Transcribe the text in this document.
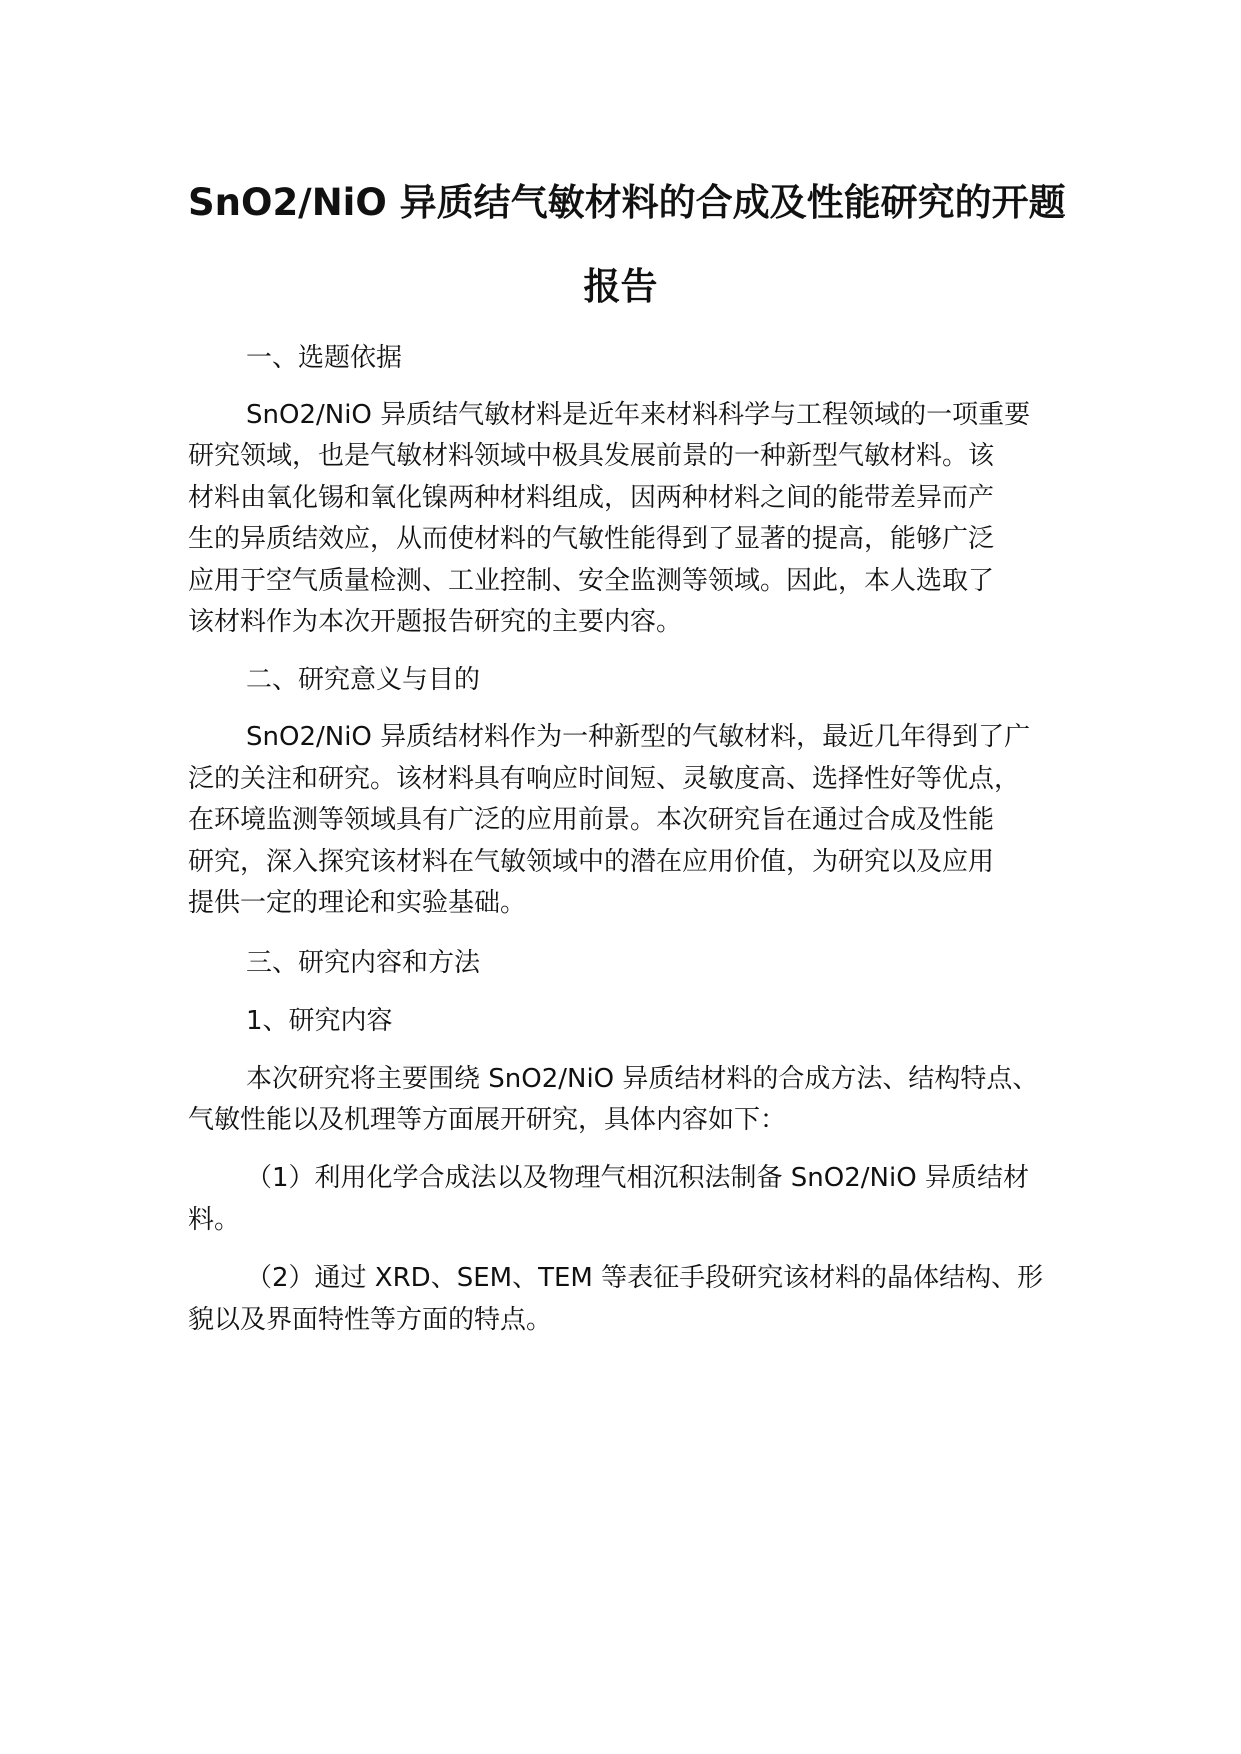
SnO2/NiO 异质结气敏材料的合成及性能研究的开题
报告

一、选题依据

SnO2/NiO 异质结气敏材料是近年来材料科学与工程领域的一项重要

研究领域，也是气敏材料领域中极具发展前景的一种新型气敏材料。该

材料由氧化锡和氧化镍两种材料组成，因两种材料之间的能带差异而产

生的异质结效应，从而使材料的气敏性能得到了显著的提高，能够广泛

应用于空气质量检测、工业控制、安全监测等领域。因此，本人选取了

该材料作为本次开题报告研究的主要内容。

二、研究意义与目的

SnO2/NiO 异质结材料作为一种新型的气敏材料，最近几年得到了广

泛的关注和研究。该材料具有响应时间短、灵敏度高、选择性好等优点，

在环境监测等领域具有广泛的应用前景。本次研究旨在通过合成及性能

研究，深入探究该材料在气敏领域中的潜在应用价值，为研究以及应用

提供一定的理论和实验基础。

三、研究内容和方法

1、研究内容

本次研究将主要围绕 SnO2/NiO 异质结材料的合成方法、结构特点、

气敏性能以及机理等方面展开研究，具体内容如下：

（1）利用化学合成法以及物理气相沉积法制备 SnO2/NiO 异质结材

料。

（2）通过 XRD、SEM、TEM 等表征手段研究该材料的晶体结构、形

貌以及界面特性等方面的特点。
